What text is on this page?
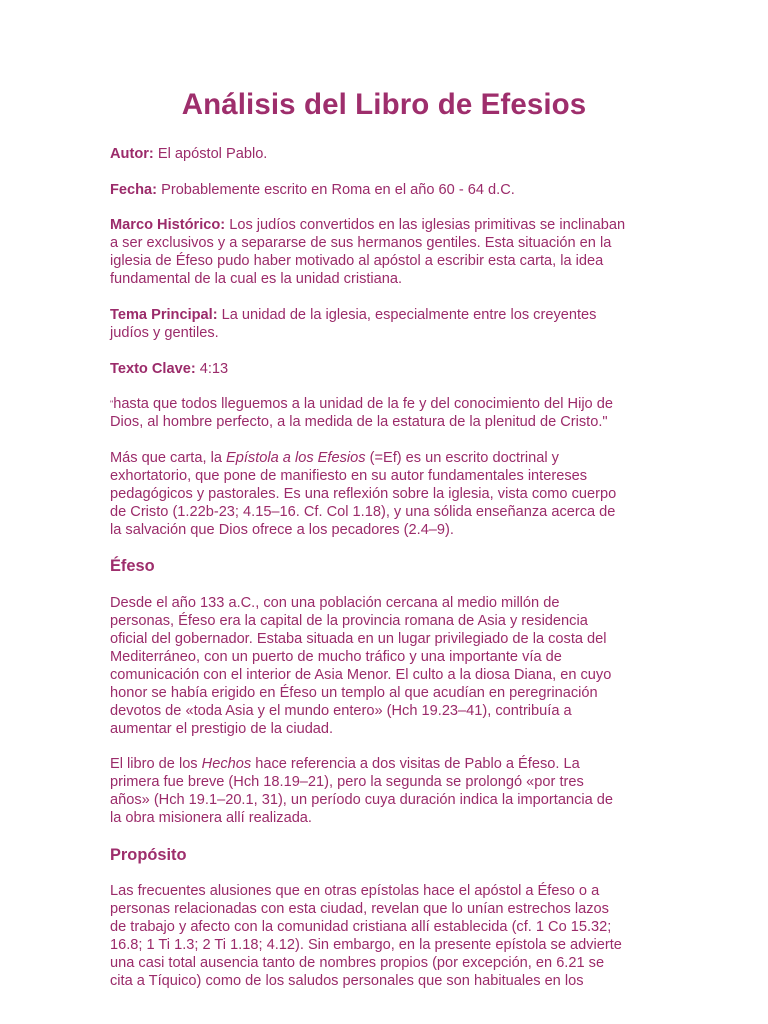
Análisis del Libro de Efesios

Autor: El apóstol Pablo.

Fecha: Probablemente escrito en Roma en el año 60 - 64 d.C.

Marco Histórico: Los judíos convertidos en las iglesias primitivas se inclinaban
a ser exclusivos y a separarse de sus hermanos gentiles. Esta situación en la
iglesia de Éfeso pudo haber motivado al apóstol a escribir esta carta, la idea
fundamental de la cual es la unidad cristiana.

Tema Principal: La unidad de la iglesia, especialmente entre los creyentes
judíos y gentiles.

Texto Clave: 4:13

"hasta que todos lleguemos a la unidad de la fe y del conocimiento del Hijo de
Dios, al hombre perfecto, a la medida de la estatura de la plenitud de Cristo."

Más que carta, la Epístola a los Efesios (=Ef) es un escrito doctrinal y
exhortatorio, que pone de manifiesto en su autor fundamentales intereses
pedagógicos y pastorales. Es una reflexión sobre la iglesia, vista como cuerpo
de Cristo (1.22b-23; 4.15–16. Cf. Col 1.18), y una sólida enseñanza acerca de
la salvación que Dios ofrece a los pecadores (2.4–9).

Éfeso

Desde el año 133 a.C., con una población cercana al medio millón de
personas, Éfeso era la capital de la provincia romana de Asia y residencia
oficial del gobernador. Estaba situada en un lugar privilegiado de la costa del
Mediterráneo, con un puerto de mucho tráfico y una importante vía de
comunicación con el interior de Asia Menor. El culto a la diosa Diana, en cuyo
honor se había erigido en Éfeso un templo al que acudían en peregrinación
devotos de «toda Asia y el mundo entero» (Hch 19.23–41), contribuía a
aumentar el prestigio de la ciudad.

El libro de los Hechos hace referencia a dos visitas de Pablo a Éfeso. La
primera fue breve (Hch 18.19–21), pero la segunda se prolongó «por tres
años» (Hch 19.1–20.1, 31), un período cuya duración indica la importancia de
la obra misionera allí realizada.

Propósito

Las frecuentes alusiones que en otras epístolas hace el apóstol a Éfeso o a
personas relacionadas con esta ciudad, revelan que lo unían estrechos lazos
de trabajo y afecto con la comunidad cristiana allí establecida (cf. 1 Co 15.32;
16.8; 1 Ti 1.3; 2 Ti 1.18; 4.12). Sin embargo, en la presente epístola se advierte
una casi total ausencia tanto de nombres propios (por excepción, en 6.21 se
cita a Tíquico) como de los saludos personales que son habituales en los
